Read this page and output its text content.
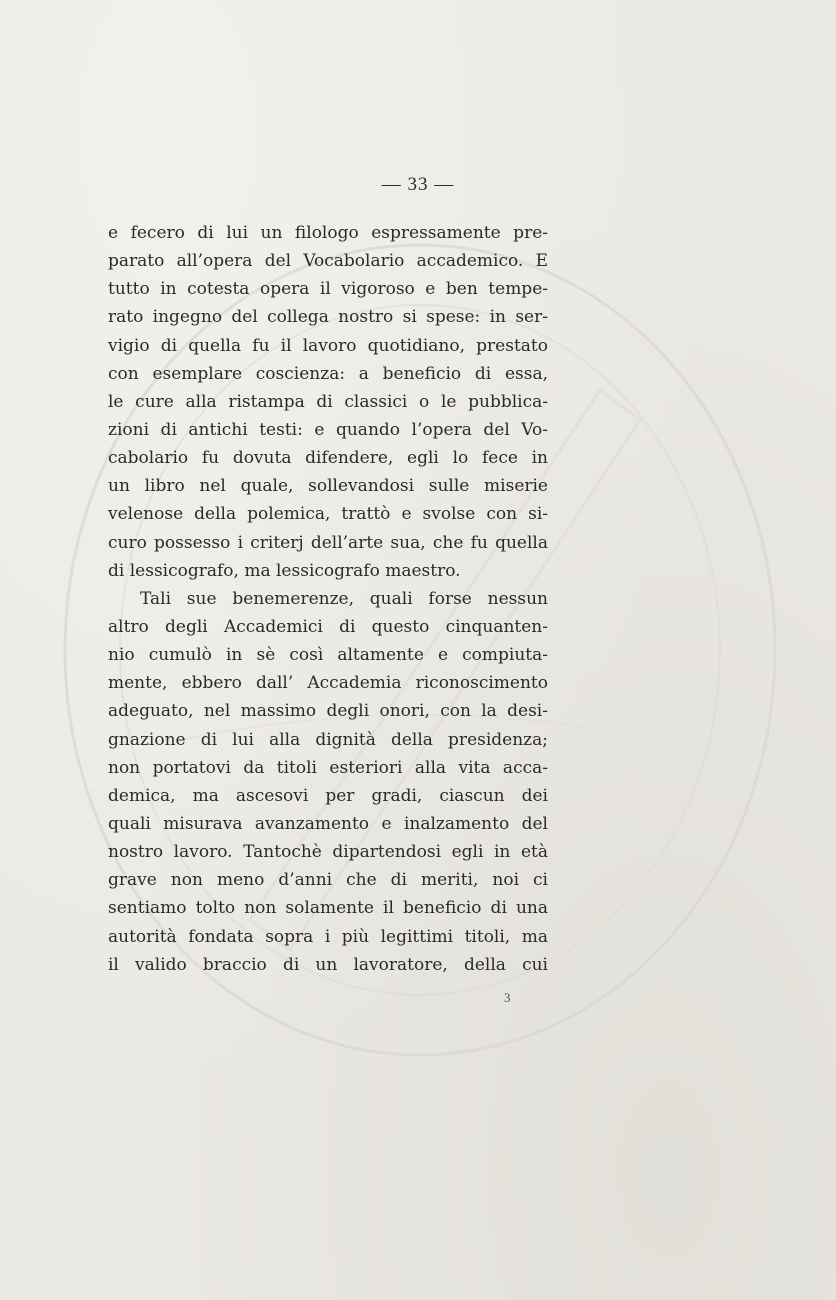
— 33 —
e fecero di lui un filologo espressamente pre-
parato all’opera del Vocabolario accademico. E
tutto in cotesta opera il vigoroso e ben tempe-
rato ingegno del collega nostro si spese: in ser-
vigio di quella fu il lavoro quotidiano, prestato
con esemplare coscienza: a beneficio di essa,
le cure alla ristampa di classici o le pubblica-
zioni di antichi testi: e quando l’opera del Vo-
cabolario fu dovuta difendere, egli lo fece in
un libro nel quale, sollevandosi sulle miserie
velenose della polemica, trattò e svolse con si-
curo possesso i criterj dell’arte sua, che fu quella
di lessicografo, ma lessicografo maestro.
Tali sue benemerenze, quali forse nessun
altro degli Accademici di questo cinquanten-
nio cumulò in sè così altamente e compiuta-
mente, ebbero dall’ Accademia riconoscimento
adeguato, nel massimo degli onori, con la desi-
gnazione di lui alla dignità della presidenza;
non portatovi da titoli esteriori alla vita acca-
demica, ma ascesovi per gradi, ciascun dei
quali misurava avanzamento e inalzamento del
nostro lavoro. Tantochè dipartendosi egli in età
grave non meno d’anni che di meriti, noi ci
sentiamo tolto non solamente il beneficio di una
autorità fondata sopra i più legittimi titoli, ma
il valido braccio di un lavoratore, della cui
3
